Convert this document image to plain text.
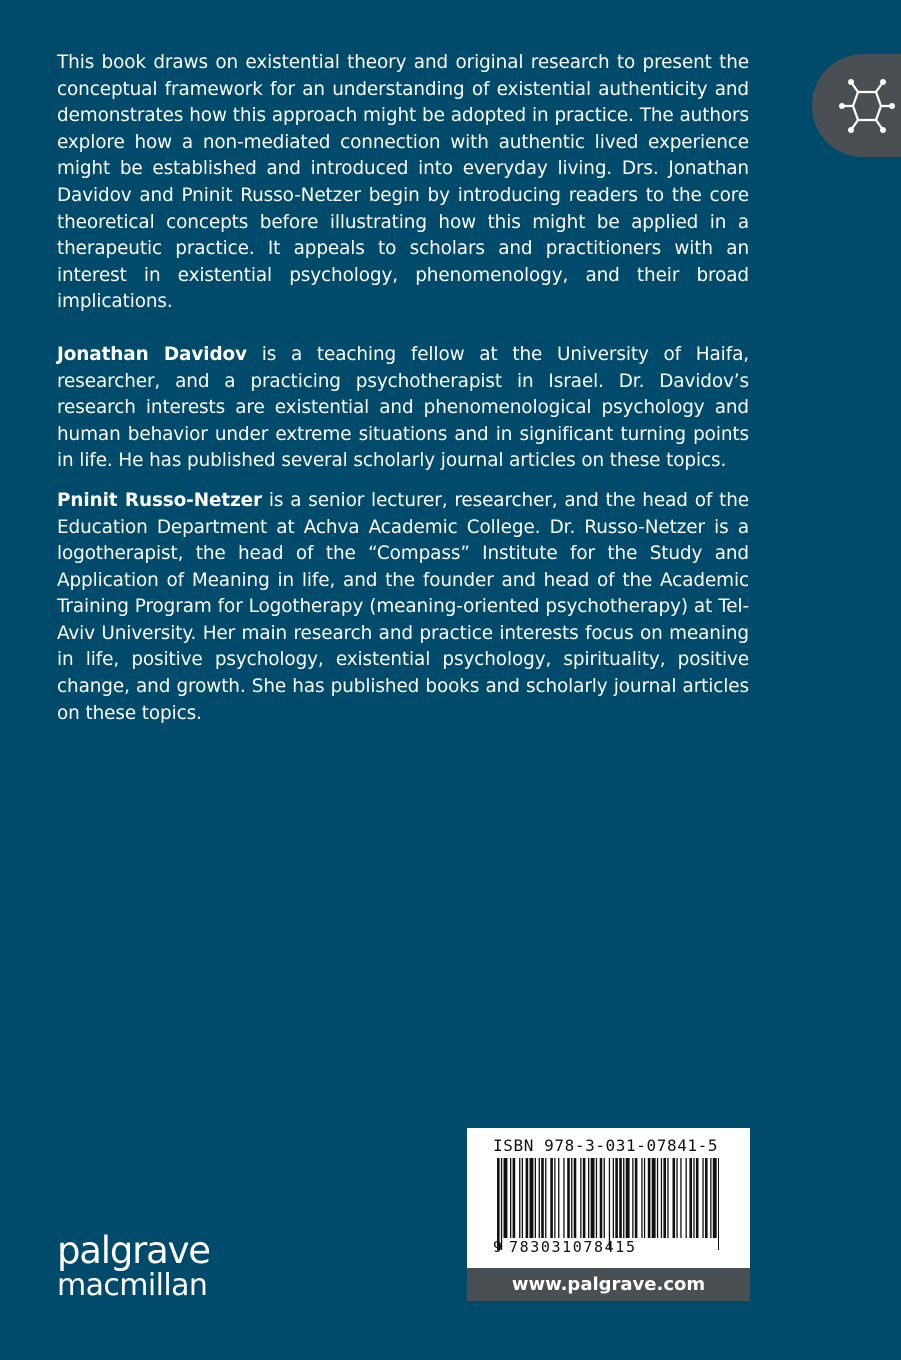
This book draws on existential theory and original research to present the conceptual framework for an understanding of existential authenticity and demonstrates how this approach might be adopted in practice. The authors explore how a non-mediated connection with authentic lived experience might be established and introduced into everyday living. Drs. Jonathan Davidov and Pninit Russo-Netzer begin by introducing readers to the core theoretical concepts before illustrating how this might be applied in a therapeutic practice. It appeals to scholars and practitioners with an interest in existential psychology, phenomenology, and their broad implications.

Jonathan Davidov is a teaching fellow at the University of Haifa, researcher, and a practicing psychotherapist in Israel. Dr. Davidov’s research interests are existential and phenomenological psychology and human behavior under extreme situations and in significant turning points in life. He has published several scholarly journal articles on these topics.

Pninit Russo-Netzer is a senior lecturer, researcher, and the head of the Education Department at Achva Academic College. Dr. Russo-Netzer is a logotherapist, the head of the “Compass” Institute for the Study and Application of Meaning in life, and the founder and head of the Academic Training Program for Logotherapy (meaning-oriented psychotherapy) at Tel-Aviv University. Her main research and practice interests focus on meaning in life, positive psychology, existential psychology, spirituality, positive change, and growth. She has published books and scholarly journal articles on these topics.

palgrave
macmillan
ISBN 978-3-031-07841-5
9 783031078415
www.palgrave.com
